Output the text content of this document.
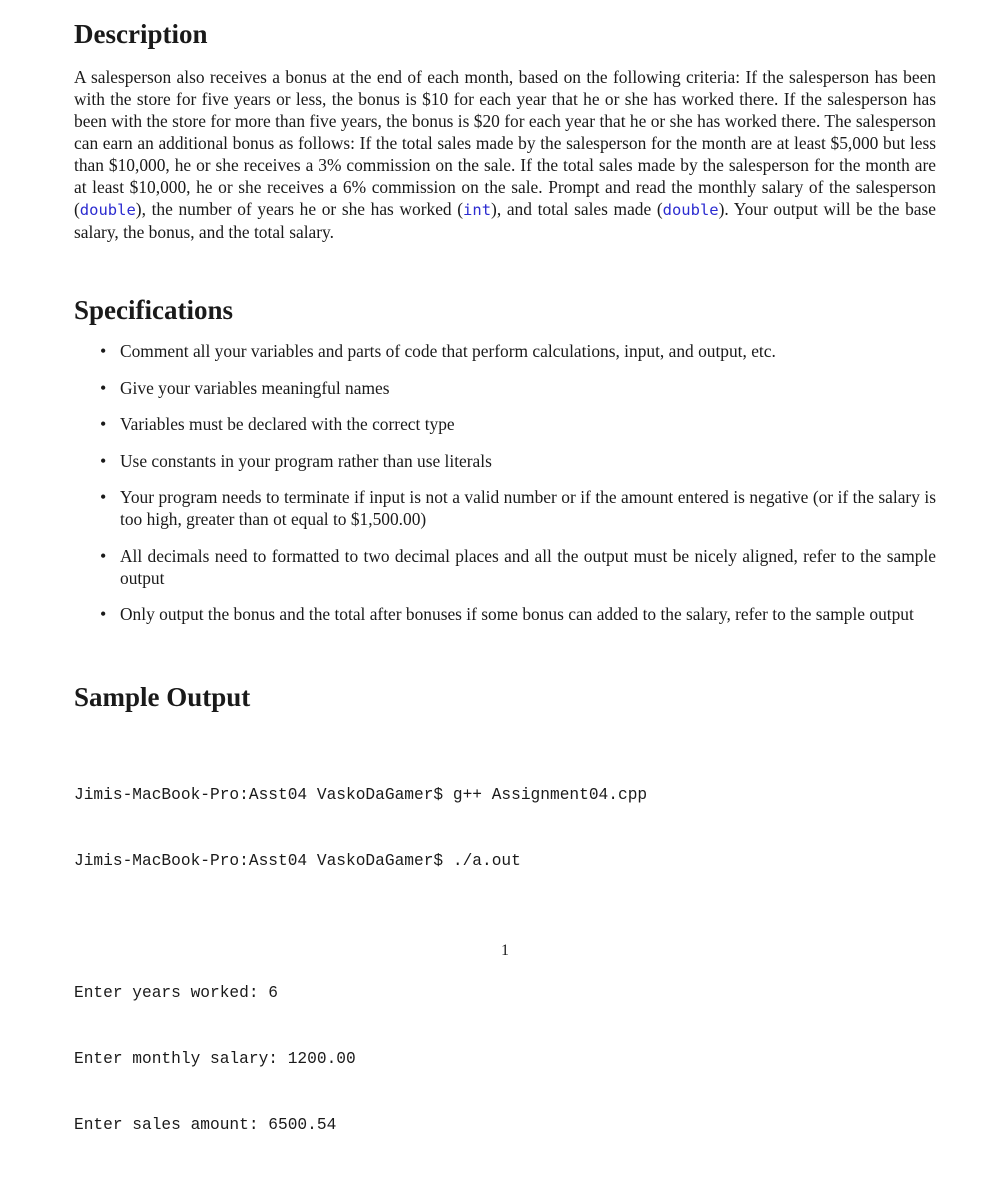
Description

A salesperson also receives a bonus at the end of each month, based on the following criteria: If the salesperson has been with the store for five years or less, the bonus is $10 for each year that he or she has worked there. If the salesperson has been with the store for more than five years, the bonus is $20 for each year that he or she has worked there. The salesperson can earn an additional bonus as follows: If the total sales made by the salesperson for the month are at least $5,000 but less than $10,000, he or she receives a 3% commission on the sale. If the total sales made by the salesperson for the month are at least $10,000, he or she receives a 6% commission on the sale. Prompt and read the monthly salary of the salesperson (double), the number of years he or she has worked (int), and total sales made (double). Your output will be the base salary, the bonus, and the total salary.

Specifications
• Comment all your variables and parts of code that perform calculations, input, and output, etc.
• Give your variables meaningful names
• Variables must be declared with the correct type
• Use constants in your program rather than use literals
• Your program needs to terminate if input is not a valid number or if the amount entered is negative (or if the salary is too high, greater than ot equal to $1,500.00)
• All decimals need to formatted to two decimal places and all the output must be nicely aligned, refer to the sample output
• Only output the bonus and the total after bonuses if some bonus can added to the salary, refer to the sample output
Sample Output

Jimis-MacBook-Pro:Asst04 VaskoDaGamer$ g++ Assignment04.cpp

Jimis-MacBook-Pro:Asst04 VaskoDaGamer$ ./a.out

Enter years worked: 6

Enter monthly salary: 1200.00

Enter sales amount: 6500.54

1
